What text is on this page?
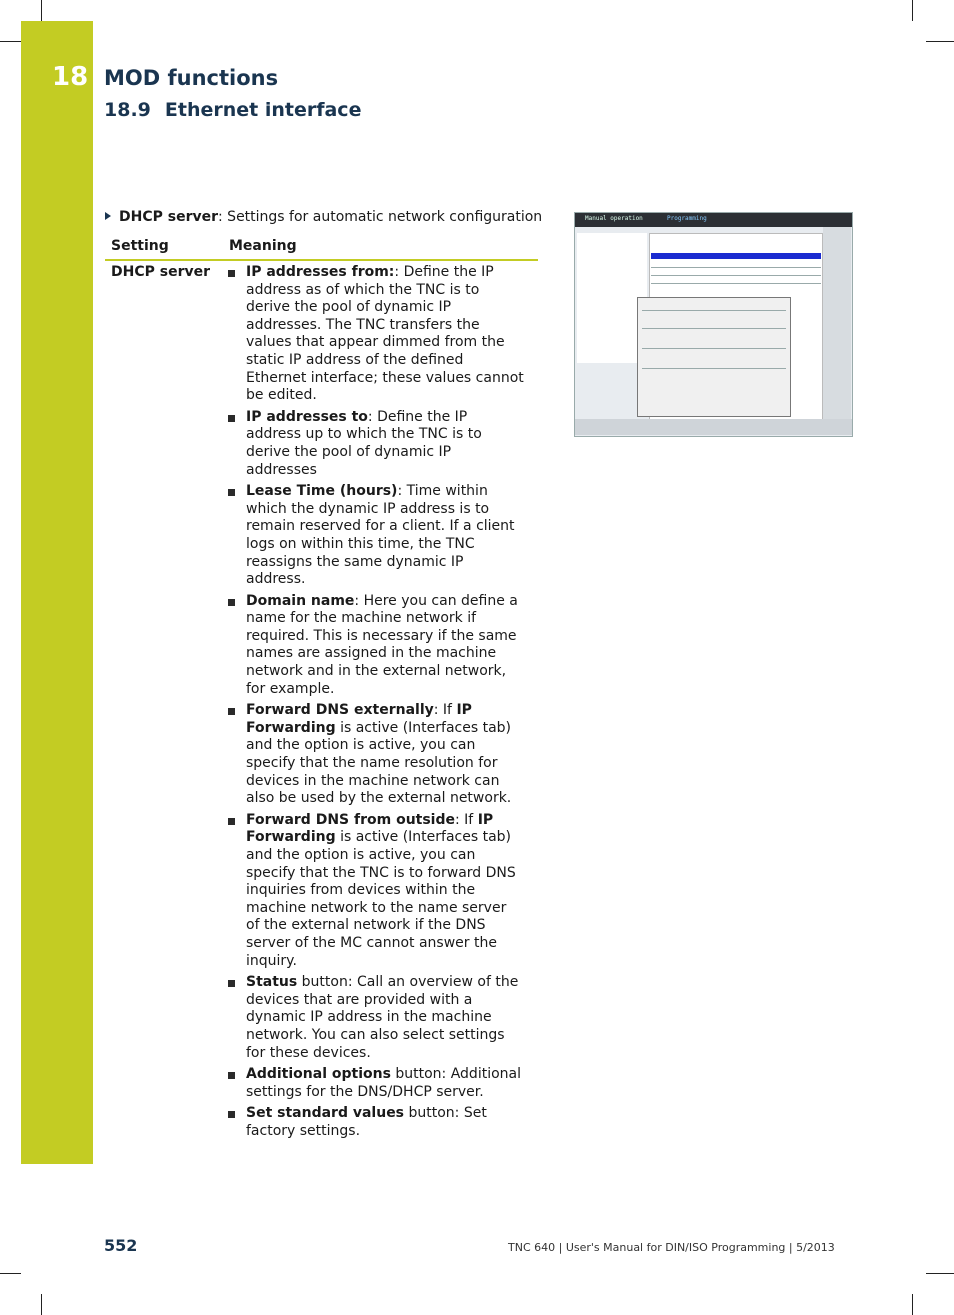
18 MOD functions
18.9 Ethernet interface
DHCP server: Settings for automatic network configuration
Setting	Meaning
DHCP server	IP addresses from:: Define the IP address as of which the TNC is to derive the pool of dynamic IP addresses. The TNC transfers the values that appear dimmed from the static IP address of the defined Ethernet interface; these values cannot be edited.
IP addresses to: Define the IP address up to which the TNC is to derive the pool of dynamic IP addresses
Lease Time (hours): Time within which the dynamic IP address is to remain reserved for a client. If a client logs on within this time, the TNC reassigns the same dynamic IP address.
Domain name: Here you can define a name for the machine network if required. This is necessary if the same names are assigned in the machine network and in the external network, for example.
Forward DNS externally: If IP Forwarding is active (Interfaces tab) and the option is active, you can specify that the name resolution for devices in the machine network can also be used by the external network.
Forward DNS from outside: If IP Forwarding is active (Interfaces tab) and the option is active, you can specify that the TNC is to forward DNS inquiries from devices within the machine network to the name server of the external network if the DNS server of the MC cannot answer the inquiry.
Status button: Call an overview of the devices that are provided with a dynamic IP address in the machine network. You can also select settings for these devices.
Additional options button: Additional settings for the DNS/DHCP server.
Set standard values button: Set factory settings.
Manual operation	Programming
552	TNC 640 | User's Manual for DIN/ISO Programming | 5/2013
